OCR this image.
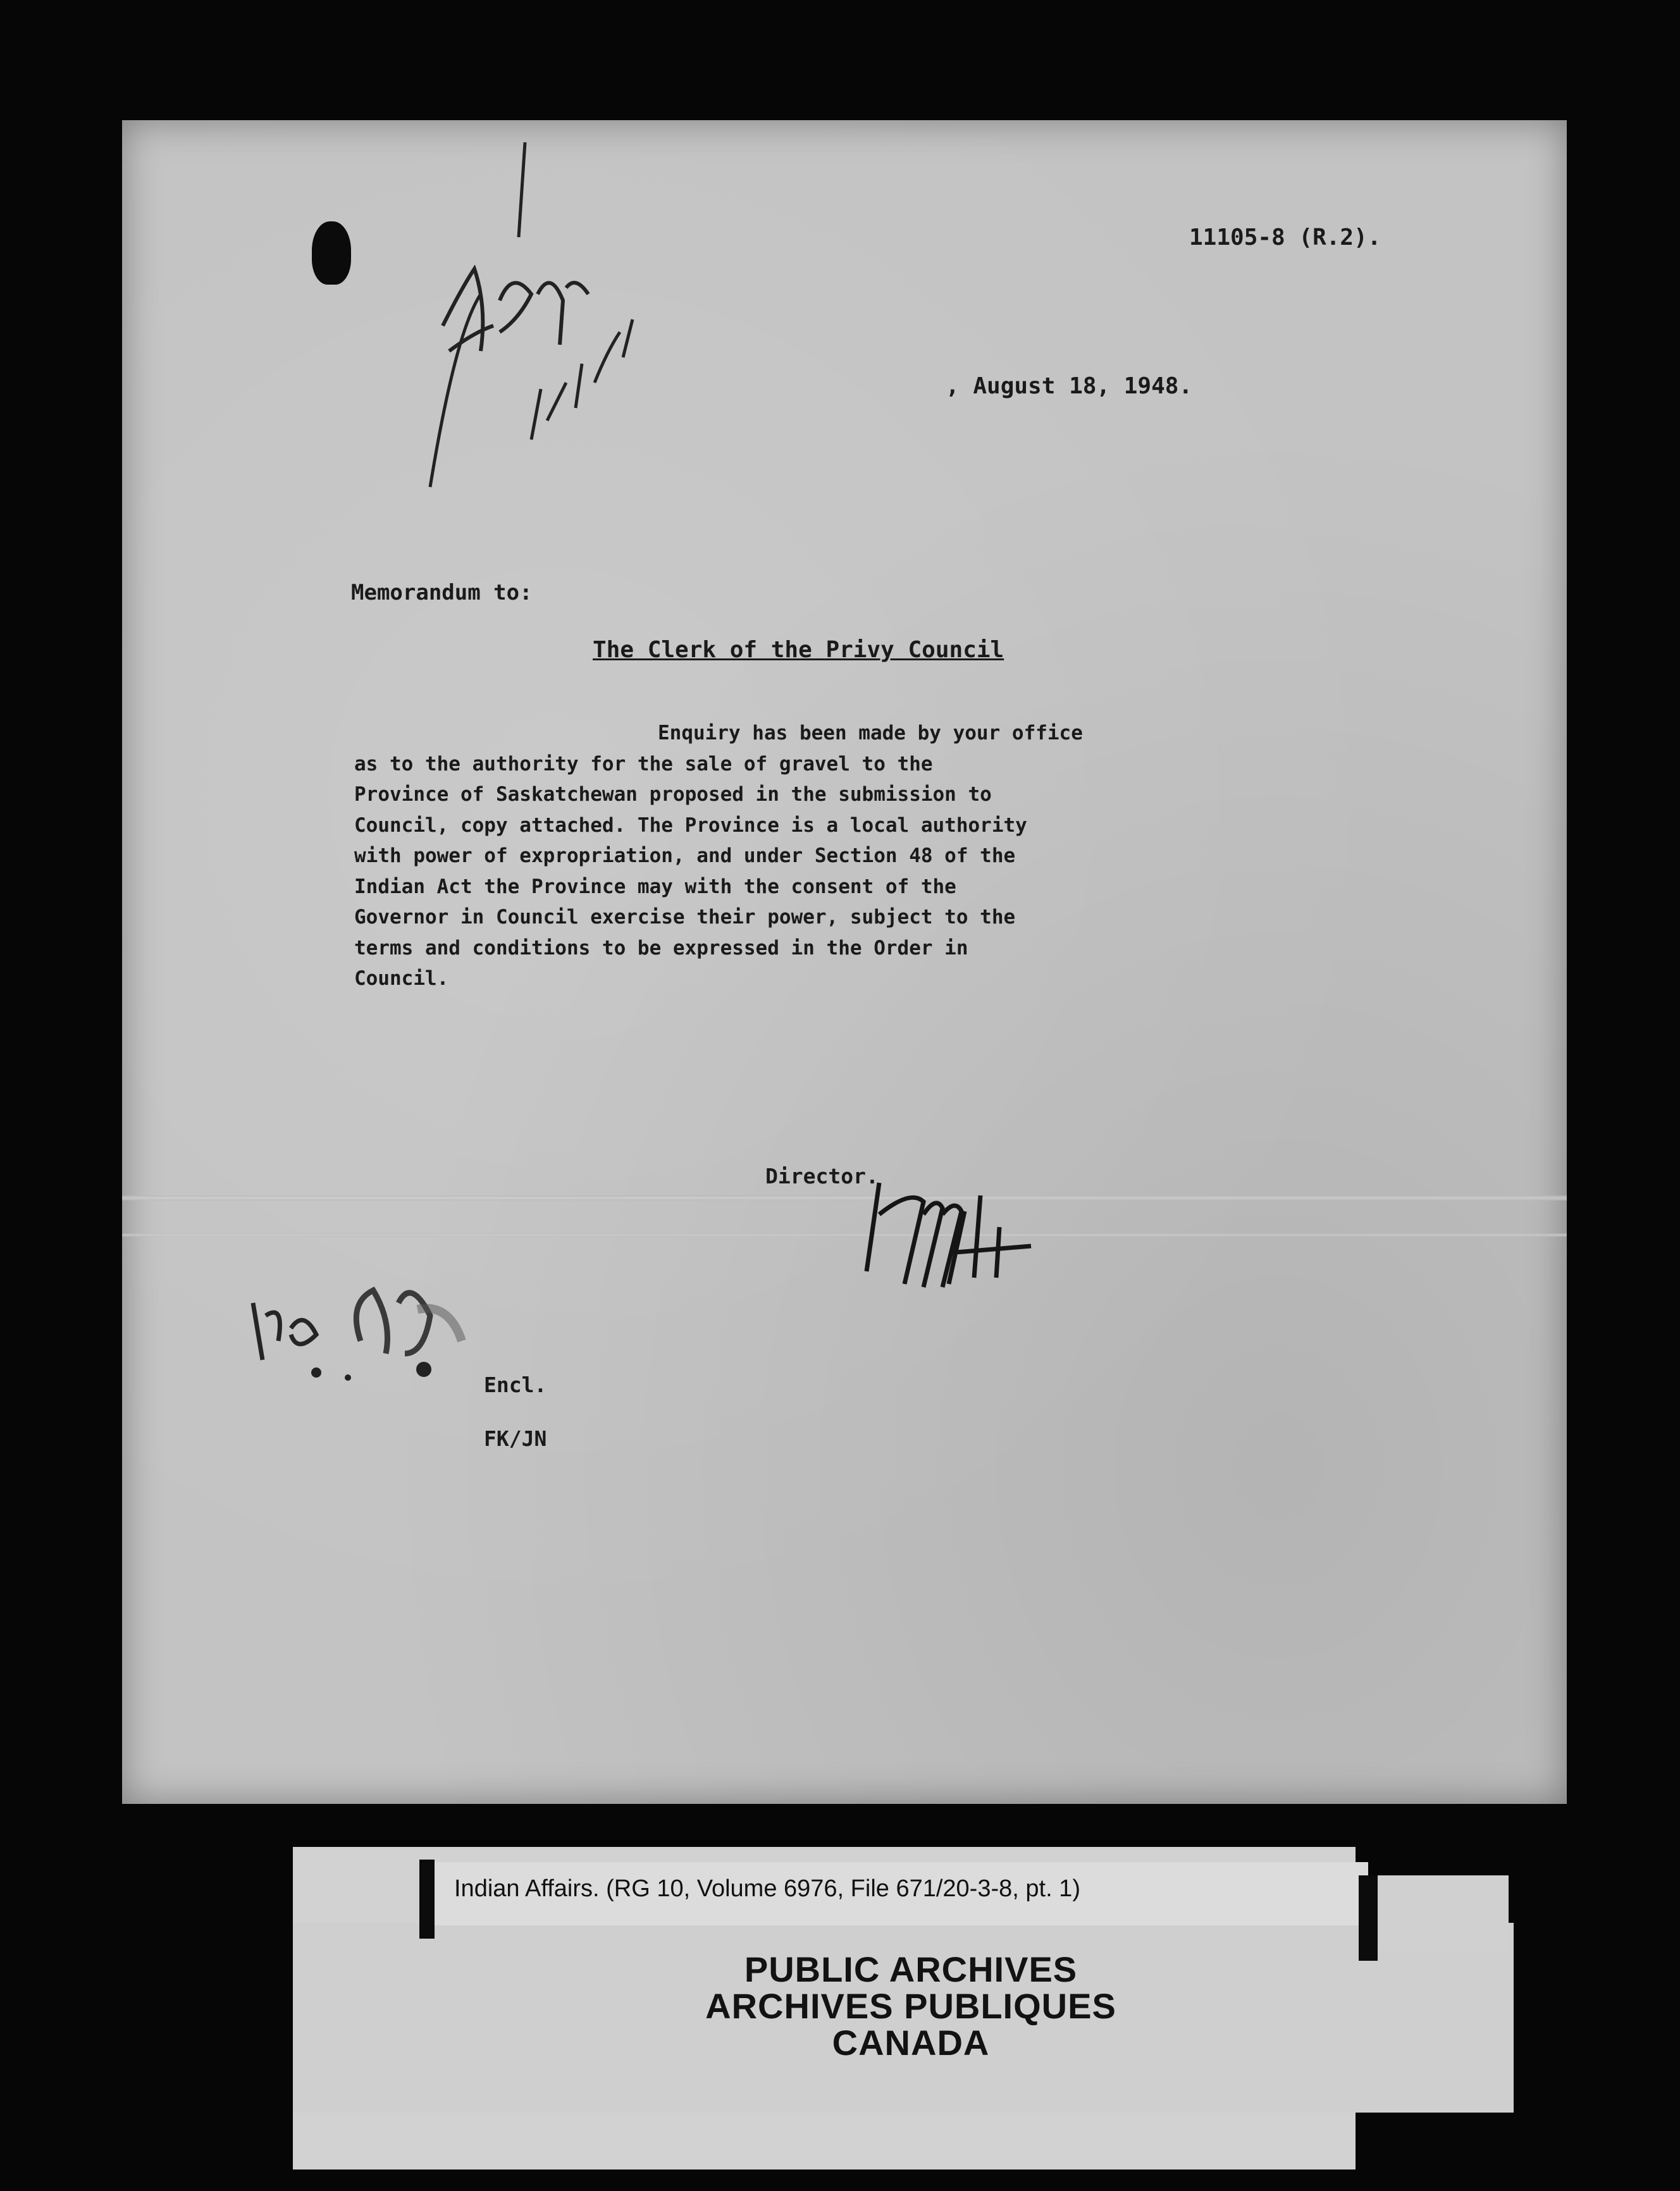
11105-8 (R.2).
, August 18, 1948.
Memorandum to:
The Clerk of the Privy Council
Enquiry has been made by your office
as to the authority for the sale of gravel to the
Province of Saskatchewan proposed in the submission to
Council, copy attached. The Province is a local authority
with power of expropriation, and under Section 48 of the
Indian Act the Province may with the consent of the
Governor in Council exercise their power, subject to the
terms and conditions to be expressed in the Order in
Council.
Director.
Encl.
FK/JN
Indian Affairs. (RG 10, Volume 6976, File 671/20-3-8, pt. 1)
PUBLIC ARCHIVES
ARCHIVES PUBLIQUES
CANADA
